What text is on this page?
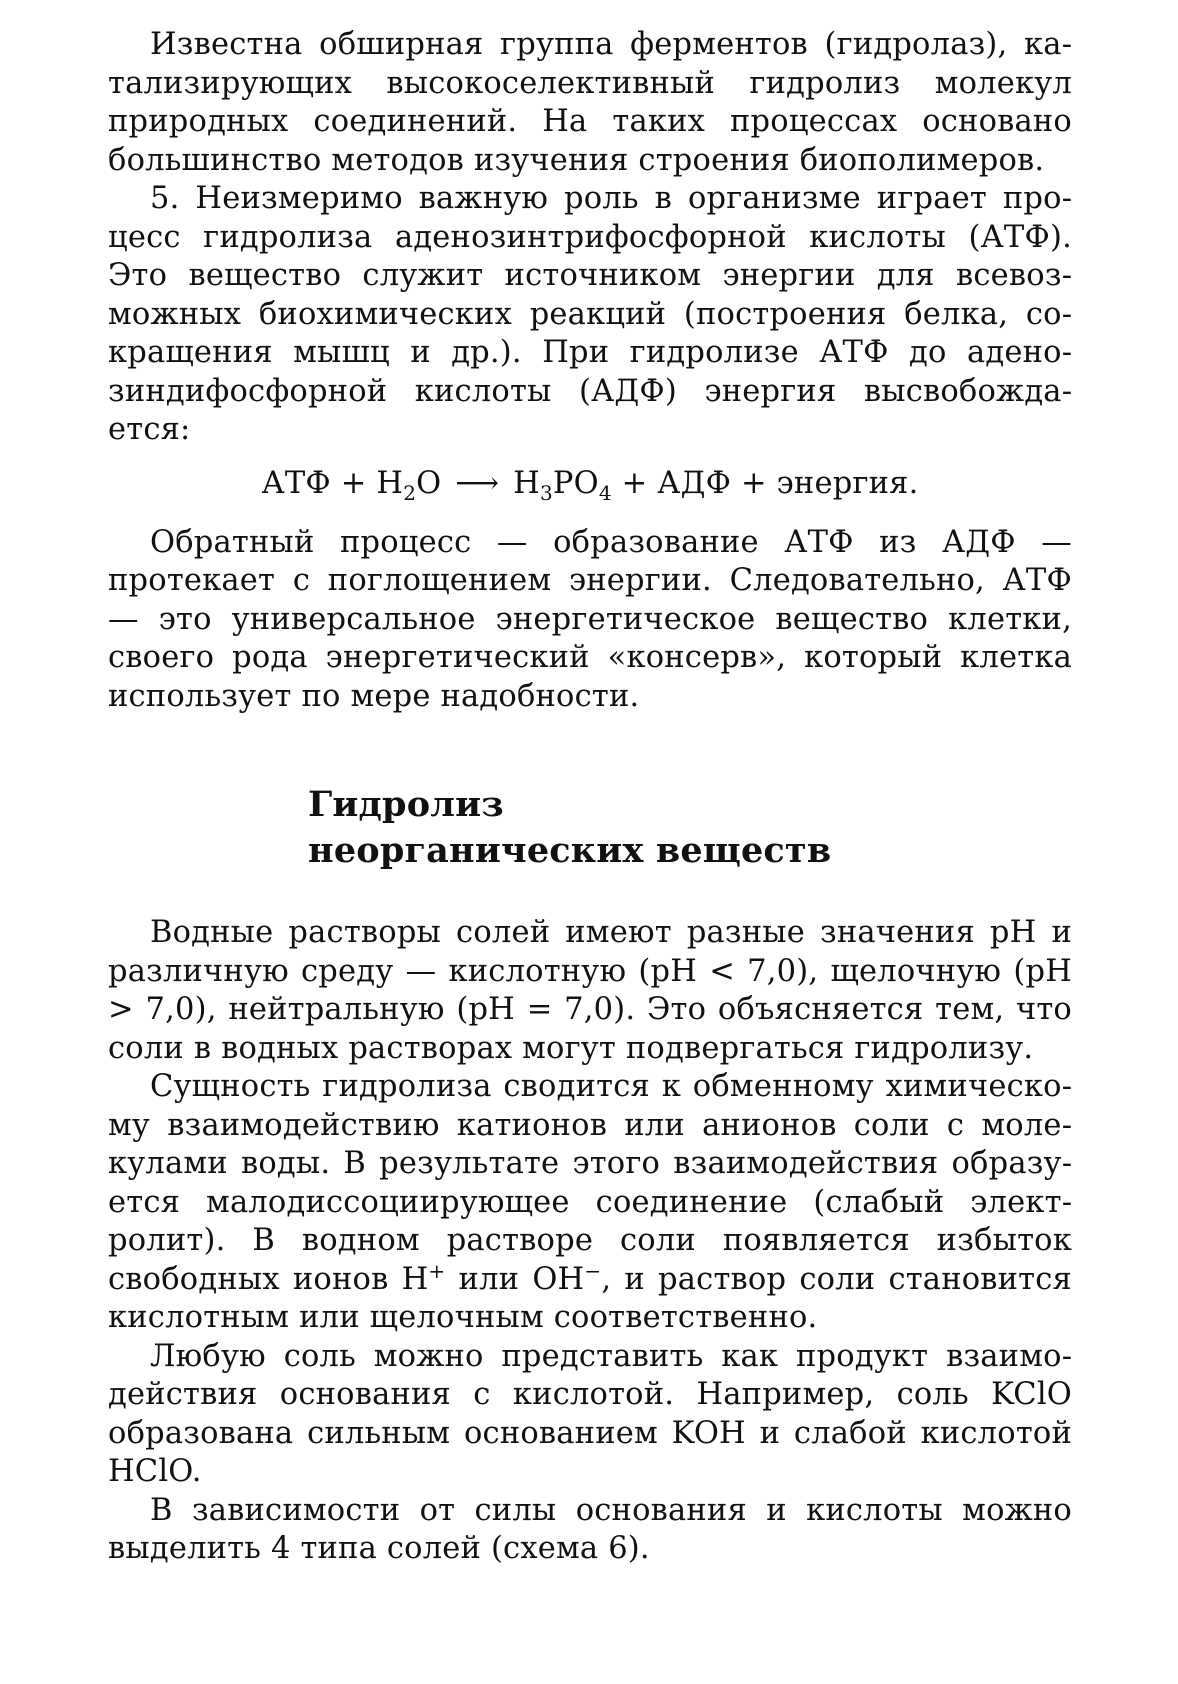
Известна обширная группа ферментов (гидролаз), катализирующих высокоселективный гидролиз молекул природных соединений. На таких процессах основано большинство методов изучения строения биополимеров.

5. Неизмеримо важную роль в организме играет процесс гидролиза аденозинтрифосфорной кислоты (АТФ). Это вещество служит источником энергии для всевозможных биохимических реакций (построения белка, сокращения мышц и др.). При гидролизе АТФ до аденозиндифосфорной кислоты (АДФ) энергия высвобождается:

АТФ + $H_2O$ ⟶ $H_3PO_4$ + АДФ + энергия.

Обратный процесс — образование АТФ из АДФ — протекает с поглощением энергии. Следовательно, АТФ — это универсальное энергетическое вещество клетки, своего рода энергетический «консерв», который клетка использует по мере надобности.

Гидролиз
неорганических веществ

Водные растворы солей имеют разные значения pH и различную среду — кислотную (pH < 7,0), щелочную (pH > 7,0), нейтральную (pH = 7,0). Это объясняется тем, что соли в водных растворах могут подвергаться гидролизу.

Сущность гидролиза сводится к обменному химическому взаимодействию катионов или анионов соли с молекулами воды. В результате этого взаимодействия образуется малодиссоциирующее соединение (слабый электролит). В водном растворе соли появляется избыток свободных ионов H+ или OH−, и раствор соли становится кислотным или щелочным соответственно.

Любую соль можно представить как продукт взаимодействия основания с кислотой. Например, соль KClO образована сильным основанием KOH и слабой кислотой HClO.

В зависимости от силы основания и кислоты можно выделить 4 типа солей (схема 6).
